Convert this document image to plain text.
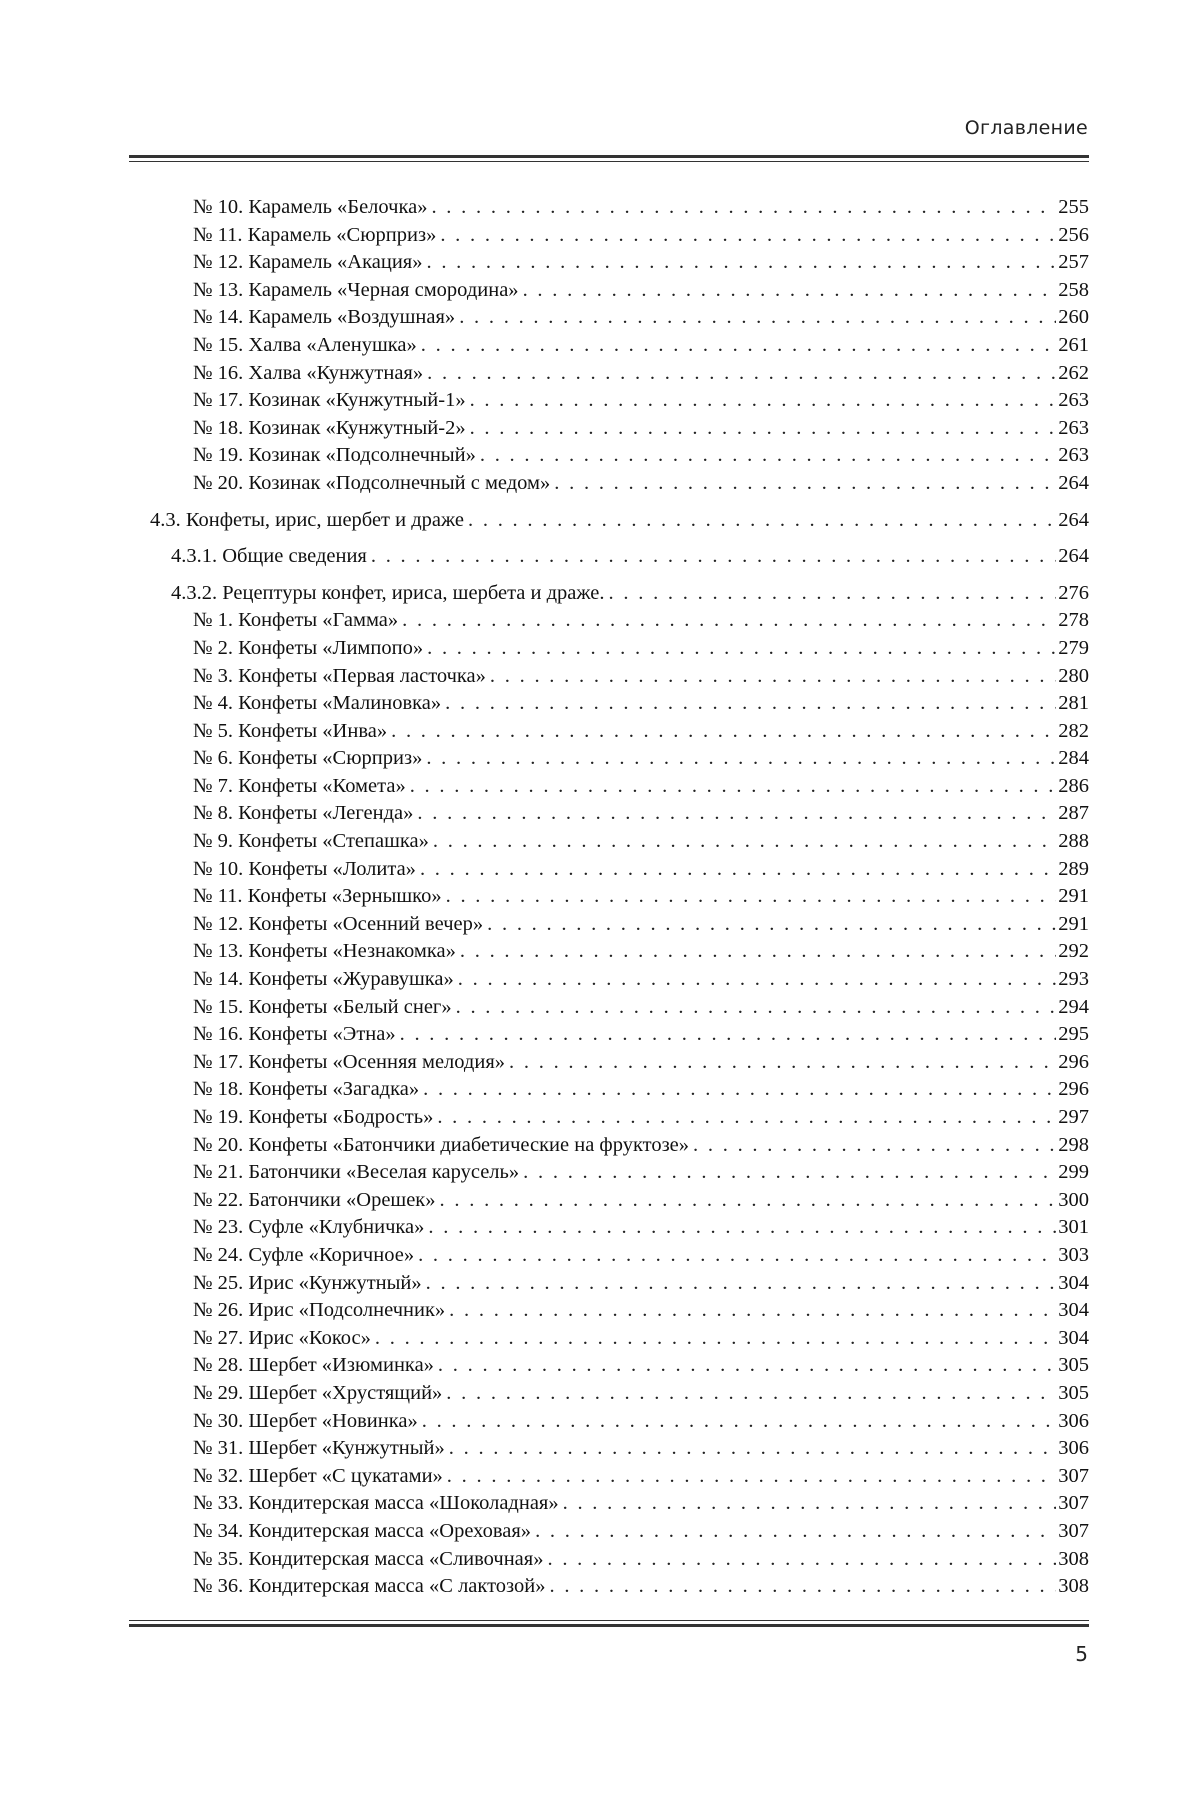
Оглавление
№ 10. Карамель «Белочка» . . .	255
№ 11. Карамель «Сюрприз» . . .	256
№ 12. Карамель «Акация» . . .	257
№ 13. Карамель «Черная смородина» . . .	258
№ 14. Карамель «Воздушная» . . .	260
№ 15. Халва «Аленушка» . . .	261
№ 16. Халва «Кунжутная» . . .	262
№ 17. Козинак «Кунжутный-1» . . .	263
№ 18. Козинак «Кунжутный-2» . . .	263
№ 19. Козинак «Подсолнечный» . . .	263
№ 20. Козинак «Подсолнечный с медом» . . .	264
4.3. Конфеты, ирис, шербет и драже . . .	264
4.3.1. Общие сведения . . .	264
4.3.2. Рецептуры конфет, ириса, шербета и драже. . . .	276
№ 1. Конфеты «Гамма» . . .	278
№ 2. Конфеты «Лимпопо» . . .	279
№ 3. Конфеты «Первая ласточка» . . .	280
№ 4. Конфеты «Малиновка» . . .	281
№ 5. Конфеты «Инва» . . .	282
№ 6. Конфеты «Сюрприз» . . .	284
№ 7. Конфеты «Комета» . . .	286
№ 8. Конфеты «Легенда» . . .	287
№ 9. Конфеты «Степашка» . . .	288
№ 10. Конфеты «Лолита» . . .	289
№ 11. Конфеты «Зернышко» . . .	291
№ 12. Конфеты «Осенний вечер» . . .	291
№ 13. Конфеты «Незнакомка» . . .	292
№ 14. Конфеты «Журавушка» . . .	293
№ 15. Конфеты «Белый снег» . . .	294
№ 16. Конфеты «Этна» . . .	295
№ 17. Конфеты «Осенняя мелодия» . . .	296
№ 18. Конфеты «Загадка» . . .	296
№ 19. Конфеты «Бодрость» . . .	297
№ 20. Конфеты «Батончики диабетические на фруктозе» . . .	298
№ 21. Батончики «Веселая карусель» . . .	299
№ 22. Батончики «Орешек» . . .	300
№ 23. Суфле «Клубничка» . . .	301
№ 24. Суфле «Коричное» . . .	303
№ 25. Ирис «Кунжутный» . . .	304
№ 26. Ирис «Подсолнечник» . . .	304
№ 27. Ирис «Кокос» . . .	304
№ 28. Шербет «Изюминка» . . .	305
№ 29. Шербет «Хрустящий» . . .	305
№ 30. Шербет «Новинка» . . .	306
№ 31. Шербет «Кунжутный» . . .	306
№ 32. Шербет «С цукатами» . . .	307
№ 33. Кондитерская масса «Шоколадная» . . .	307
№ 34. Кондитерская масса «Ореховая» . . .	307
№ 35. Кондитерская масса «Сливочная» . . .	308
№ 36. Кондитерская масса «С лактозой» . . .	308
5
